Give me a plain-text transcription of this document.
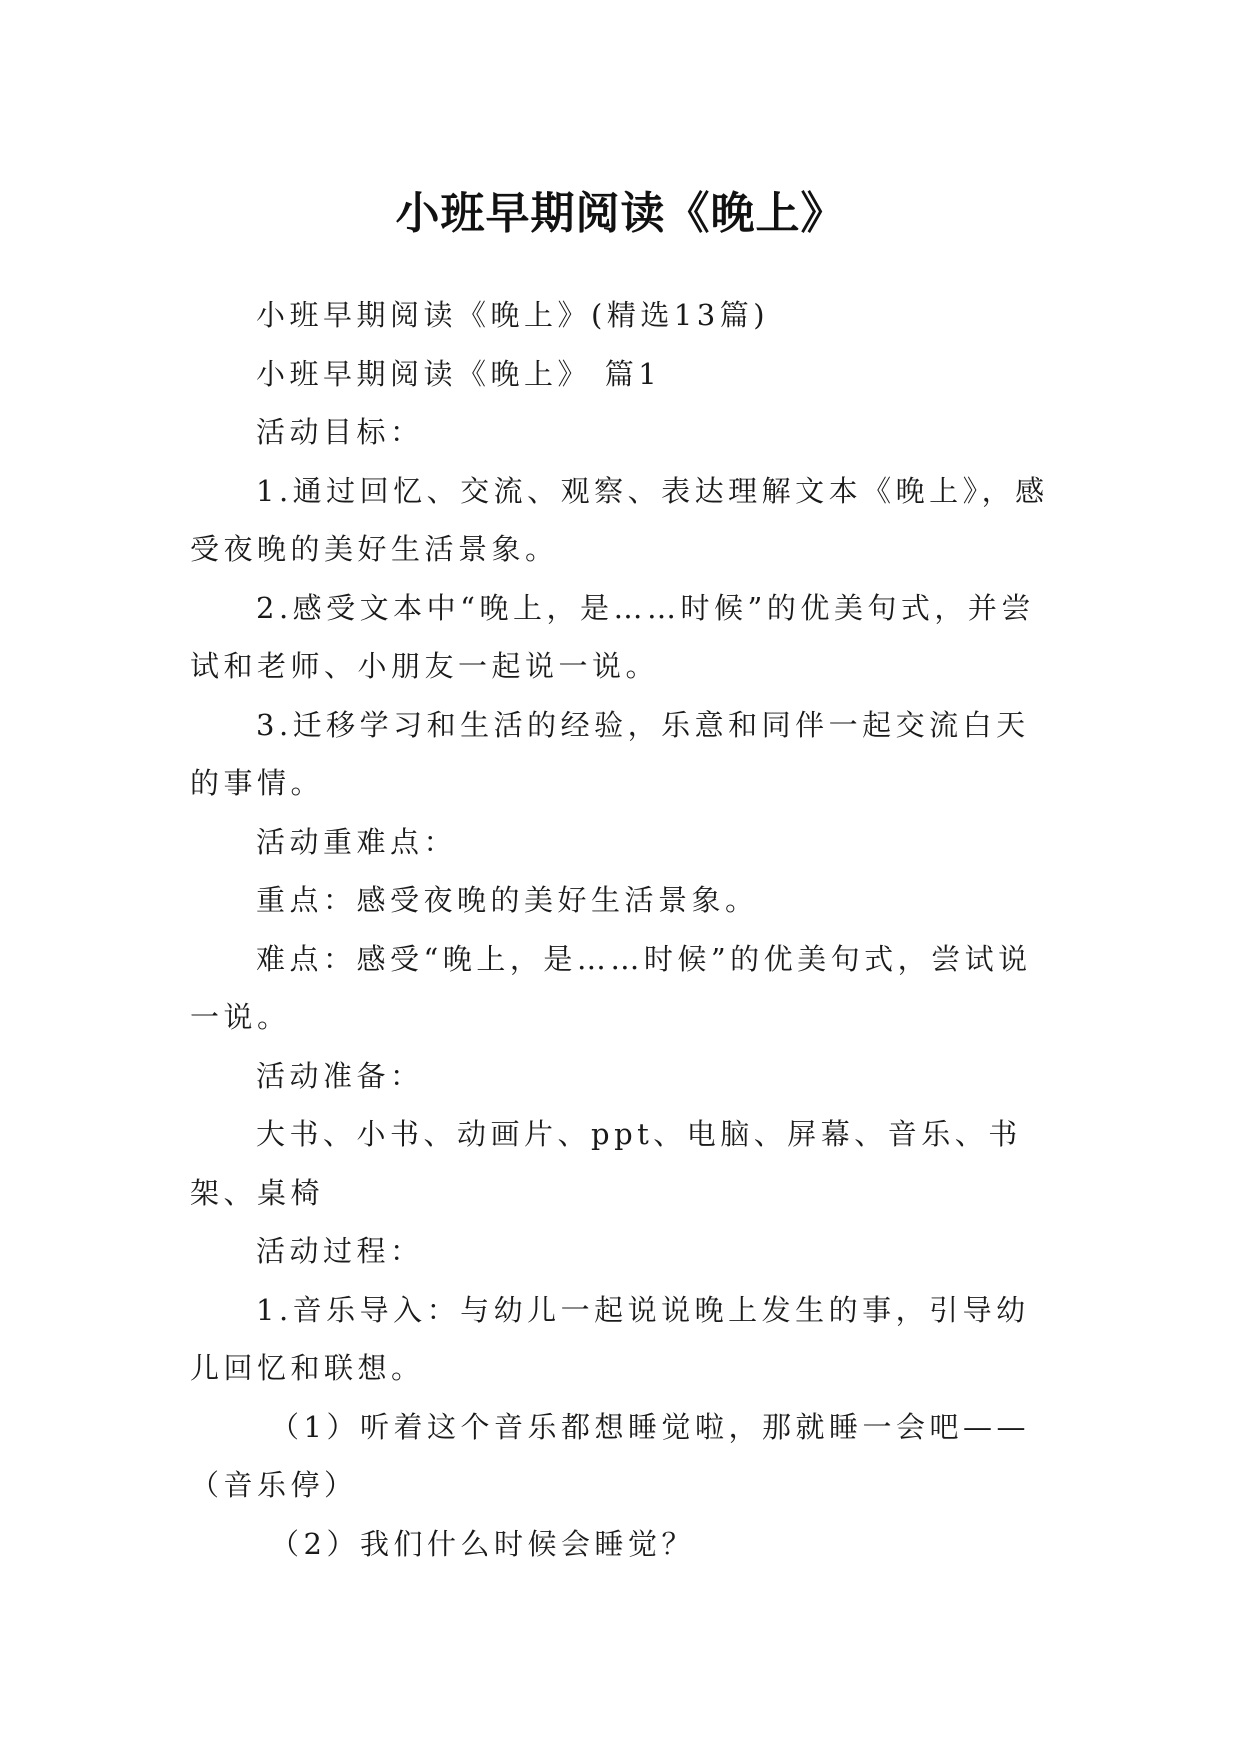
小班早期阅读《晚上》

小班早期阅读《晚上》(精选13篇)

小班早期阅读《晚上》 篇1

活动目标：

1.通过回忆、交流、观察、表达理解文本《晚上》，感受夜晚的美好生活景象。

2.感受文本中“晚上，是……时候”的优美句式，并尝试和老师、小朋友一起说一说。

3.迁移学习和生活的经验，乐意和同伴一起交流白天的事情。

活动重难点：

重点：感受夜晚的美好生活景象。

难点：感受“晚上，是……时候”的优美句式，尝试说一说。

活动准备：

大书、小书、动画片、ppt、电脑、屏幕、音乐、书架、桌椅

活动过程：

1.音乐导入：与幼儿一起说说晚上发生的事，引导幼儿回忆和联想。

（1）听着这个音乐都想睡觉啦，那就睡一会吧——（音乐停）

（2）我们什么时候会睡觉？
